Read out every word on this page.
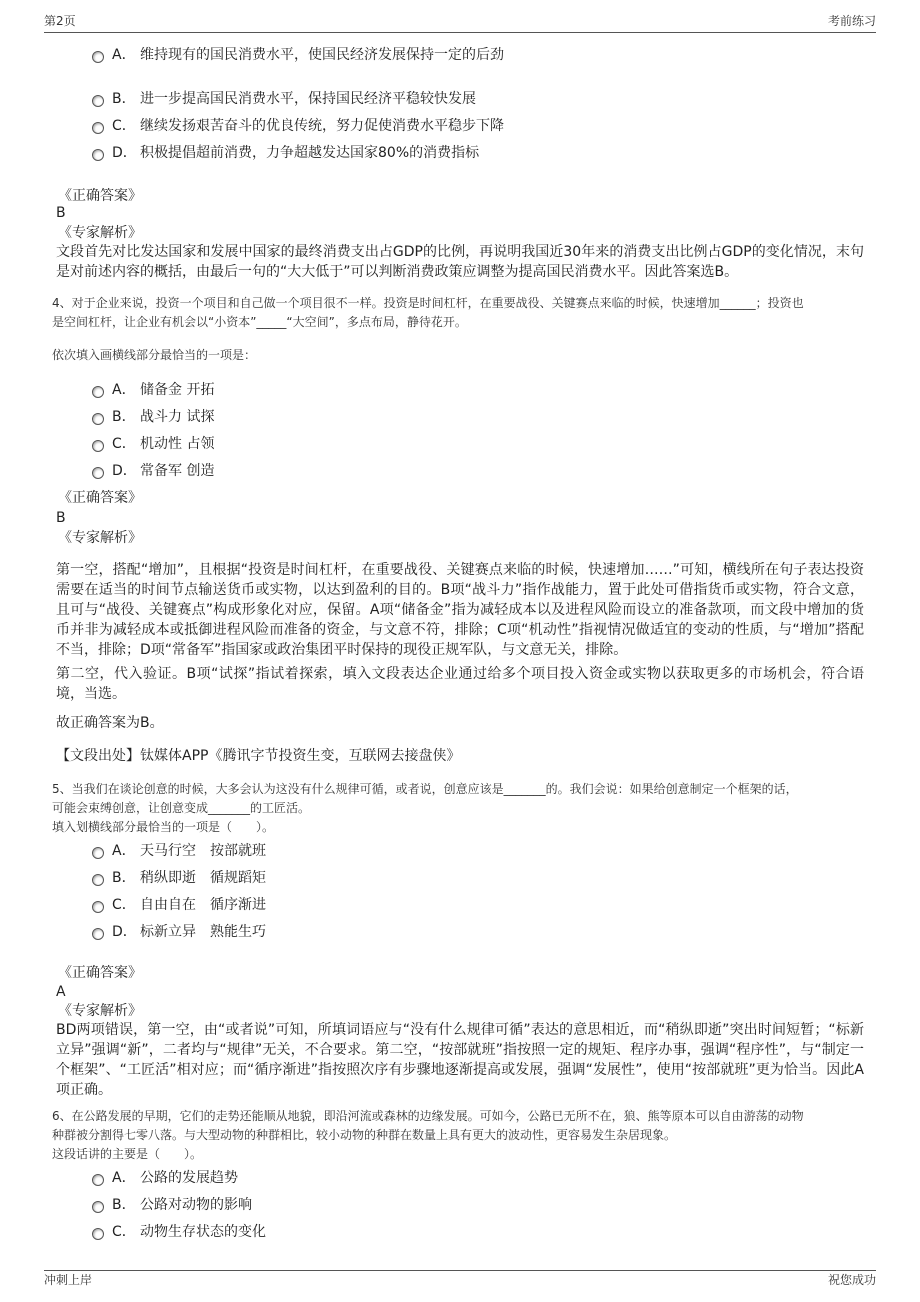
第2页	考前练习
A． 维持现有的国民消费水平，使国民经济发展保持一定的后劲
B． 进一步提高国民消费水平，保持国民经济平稳较快发展
C． 继续发扬艰苦奋斗的优良传统，努力促使消费水平稳步下降
D． 积极提倡超前消费，力争超越发达国家80%的消费指标
《正确答案》
B
《专家解析》
文段首先对比发达国家和发展中国家的最终消费支出占GDP的比例，再说明我国近30年来的消费支出比例占GDP的变化情况，末句是对前述内容的概括，由最后一句的“大大低于”可以判断消费政策应调整为提高国民消费水平。因此答案选B。
4、对于企业来说，投资一个项目和自己做一个项目很不一样。投资是时间杠杆，在重要战役、关键赛点来临的时候，快速增加______；投资也
是空间杠杆，让企业有机会以“小资本”_____“大空间”，多点布局，静待花开。
依次填入画横线部分最恰当的一项是：
A． 储备金 开拓
B． 战斗力 试探
C． 机动性 占领
D． 常备军 创造
《正确答案》
B
《专家解析》
第一空，搭配“增加”，且根据“投资是时间杠杆，在重要战役、关键赛点来临的时候，快速增加……”可知，横线所在句子表达投资需要在适当的时间节点输送货币或实物，以达到盈利的目的。B项“战斗力”指作战能力，置于此处可借指货币或实物，符合文意，且可与“战役、关键赛点”构成形象化对应，保留。A项“储备金”指为减轻成本以及进程风险而设立的准备款项，而文段中增加的货币并非为减轻成本或抵御进程风险而准备的资金，与文意不符，排除；C项“机动性”指视情况做适宜的变动的性质，与“增加”搭配不当，排除；D项“常备军”指国家或政治集团平时保持的现役正规军队，与文意无关，排除。
第二空，代入验证。B项“试探”指试着探索，填入文段表达企业通过给多个项目投入资金或实物以获取更多的市场机会，符合语境，当选。
故正确答案为B。
【文段出处】钛媒体APP《腾讯字节投资生变，互联网去接盘侠》
5、当我们在谈论创意的时候，大多会认为这没有什么规律可循，或者说，创意应该是_______的。我们会说：如果给创意制定一个框架的话，
可能会束缚创意，让创意变成_______的工匠活。
填入划横线部分最恰当的一项是（　　）。
A． 天马行空 按部就班
B． 稍纵即逝 循规蹈矩
C． 自由自在 循序渐进
D． 标新立异 熟能生巧
《正确答案》
A
《专家解析》
BD两项错误，第一空，由“或者说”可知，所填词语应与“没有什么规律可循”表达的意思相近，而“稍纵即逝”突出时间短暂；“标新立异”强调“新”，二者均与“规律”无关，不合要求。第二空，“按部就班”指按照一定的规矩、程序办事，强调“程序性”，与“制定一个框架”、“工匠活”相对应；而“循序渐进”指按照次序有步骤地逐渐提高或发展，强调“发展性”，使用“按部就班”更为恰当。因此A项正确。
6、在公路发展的早期，它们的走势还能顺从地貌，即沿河流或森林的边缘发展。可如今，公路已无所不在，狼、熊等原本可以自由游荡的动物
种群被分割得七零八落。与大型动物的种群相比，较小动物的种群在数量上具有更大的波动性，更容易发生杂居现象。
这段话讲的主要是（　　）。
A． 公路的发展趋势
B． 公路对动物的影响
C． 动物生存状态的变化
冲刺上岸	祝您成功
